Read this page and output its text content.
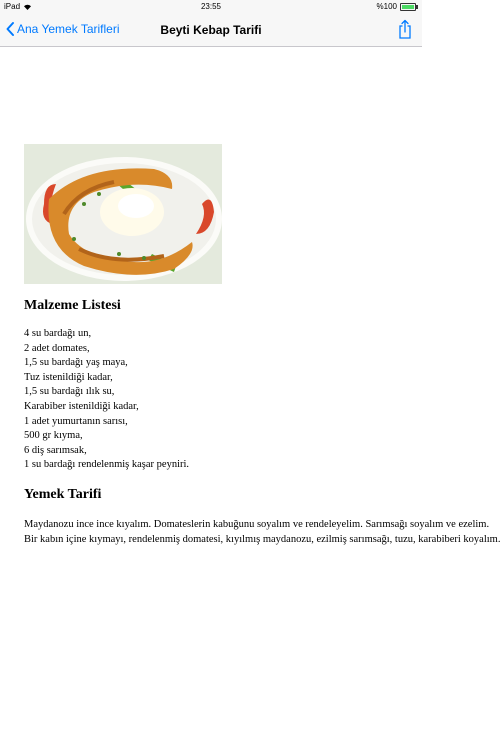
iPad	23:55	%100
Ana Yemek Tarifleri	Beyti Kebap Tarifi
Malzeme Listesi
4 su bardağı un,
2 adet domates,
1,5 su bardağı yaş maya,
Tuz istenildiği kadar,
1,5 su bardağı ılık su,
Karabiber istenildiği kadar,
1 adet yumurtanın sarısı,
500 gr kıyma,
6 diş sarımsak,
1 su bardağı rendelenmiş kaşar peyniri.
Yemek Tarifi
Maydanozu ince ince kıyalım. Domateslerin kabuğunu soyalım ve rendeleyelim. Sarımsağı soyalım ve ezelim.
Bir kabın içine kıymayı, rendelenmiş domatesi, kıyılmış maydanozu, ezilmiş sarımsağı, tuzu, karabiberi koyalım.
